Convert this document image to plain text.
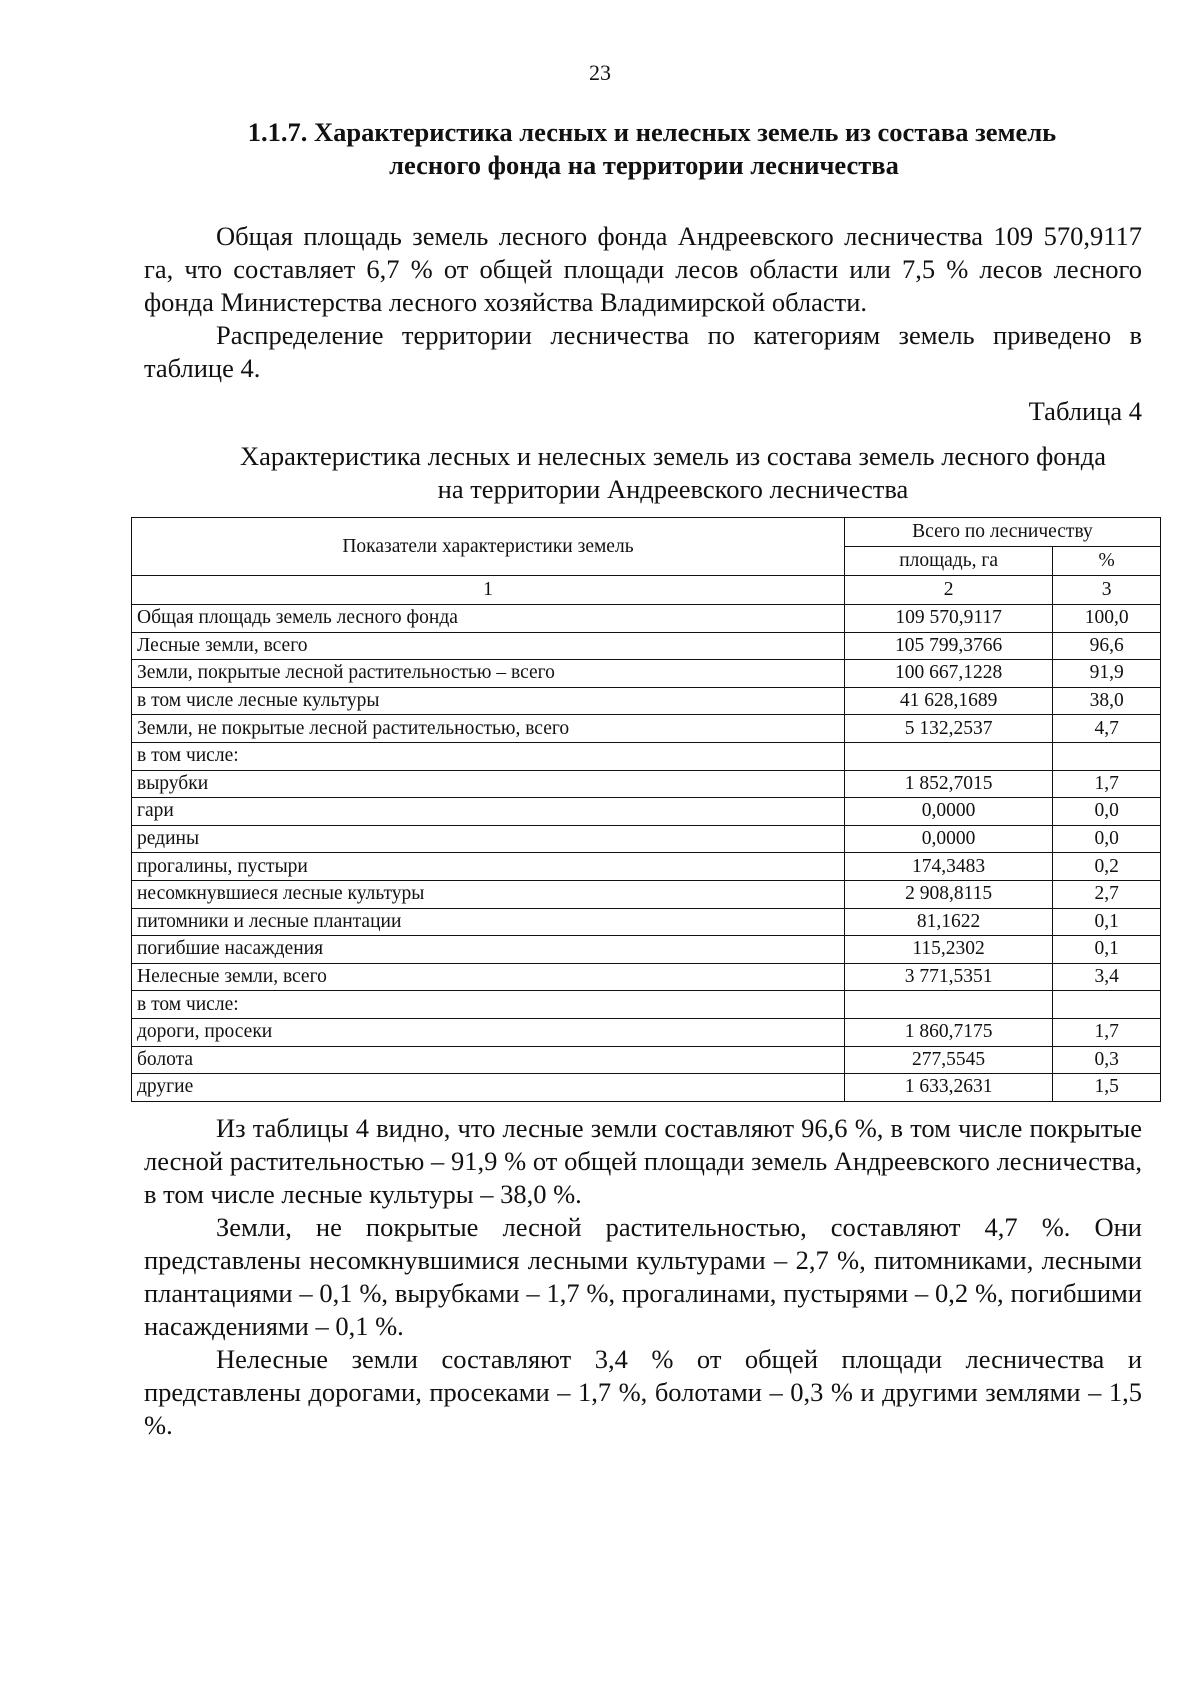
23
1.1.7. Характеристика лесных и нелесных земель из состава земель
лесного фонда на территории лесничества

Общая площадь земель лесного фонда Андреевского лесничества 109 570,9117 га, что составляет 6,7 % от общей площади лесов области или 7,5 % лесов лесного фонда Министерства лесного хозяйства Владимирской области.

Распределение территории лесничества по категориям земель приведено в таблице 4.

Таблица 4
Характеристика лесных и нелесных земель из состава земель лесного фонда
на территории Андреевского лесничества
Показатели характеристики земель	Всего по лесничеству	
	площадь, га	%
1	2	3
Общая площадь земель лесного фонда	109 570,9117	100,0
Лесные земли, всего	105 799,3766	96,6
Земли, покрытые лесной растительностью – всего	100 667,1228	91,9
в том числе лесные культуры	41 628,1689	38,0
Земли, не покрытые лесной растительностью, всего	5 132,2537	4,7
в том числе:		
вырубки	1 852,7015	1,7
гари	0,0000	0,0
редины	0,0000	0,0
прогалины, пустыри	174,3483	0,2
несомкнувшиеся лесные культуры	2 908,8115	2,7
питомники и лесные плантации	81,1622	0,1
погибшие насаждения	115,2302	0,1
Нелесные земли, всего	3 771,5351	3,4
в том числе:		
дороги, просеки	1 860,7175	1,7
болота	277,5545	0,3
другие	1 633,2631	1,5

Из таблицы 4 видно, что лесные земли составляют 96,6 %, в том числе покрытые лесной растительностью – 91,9 % от общей площади земель Андреевского лесничества, в том числе лесные культуры – 38,0 %.

Земли, не покрытые лесной растительностью, составляют 4,7 %. Они представлены несомкнувшимися лесными культурами – 2,7 %, питомниками, лесными плантациями – 0,1 %, вырубками – 1,7 %, прогалинами, пустырями – 0,2 %, погибшими насаждениями – 0,1 %.

Нелесные земли составляют 3,4 % от общей площади лесничества и представлены дорогами, просеками – 1,7 %, болотами – 0,3 % и другими землями – 1,5 %.
